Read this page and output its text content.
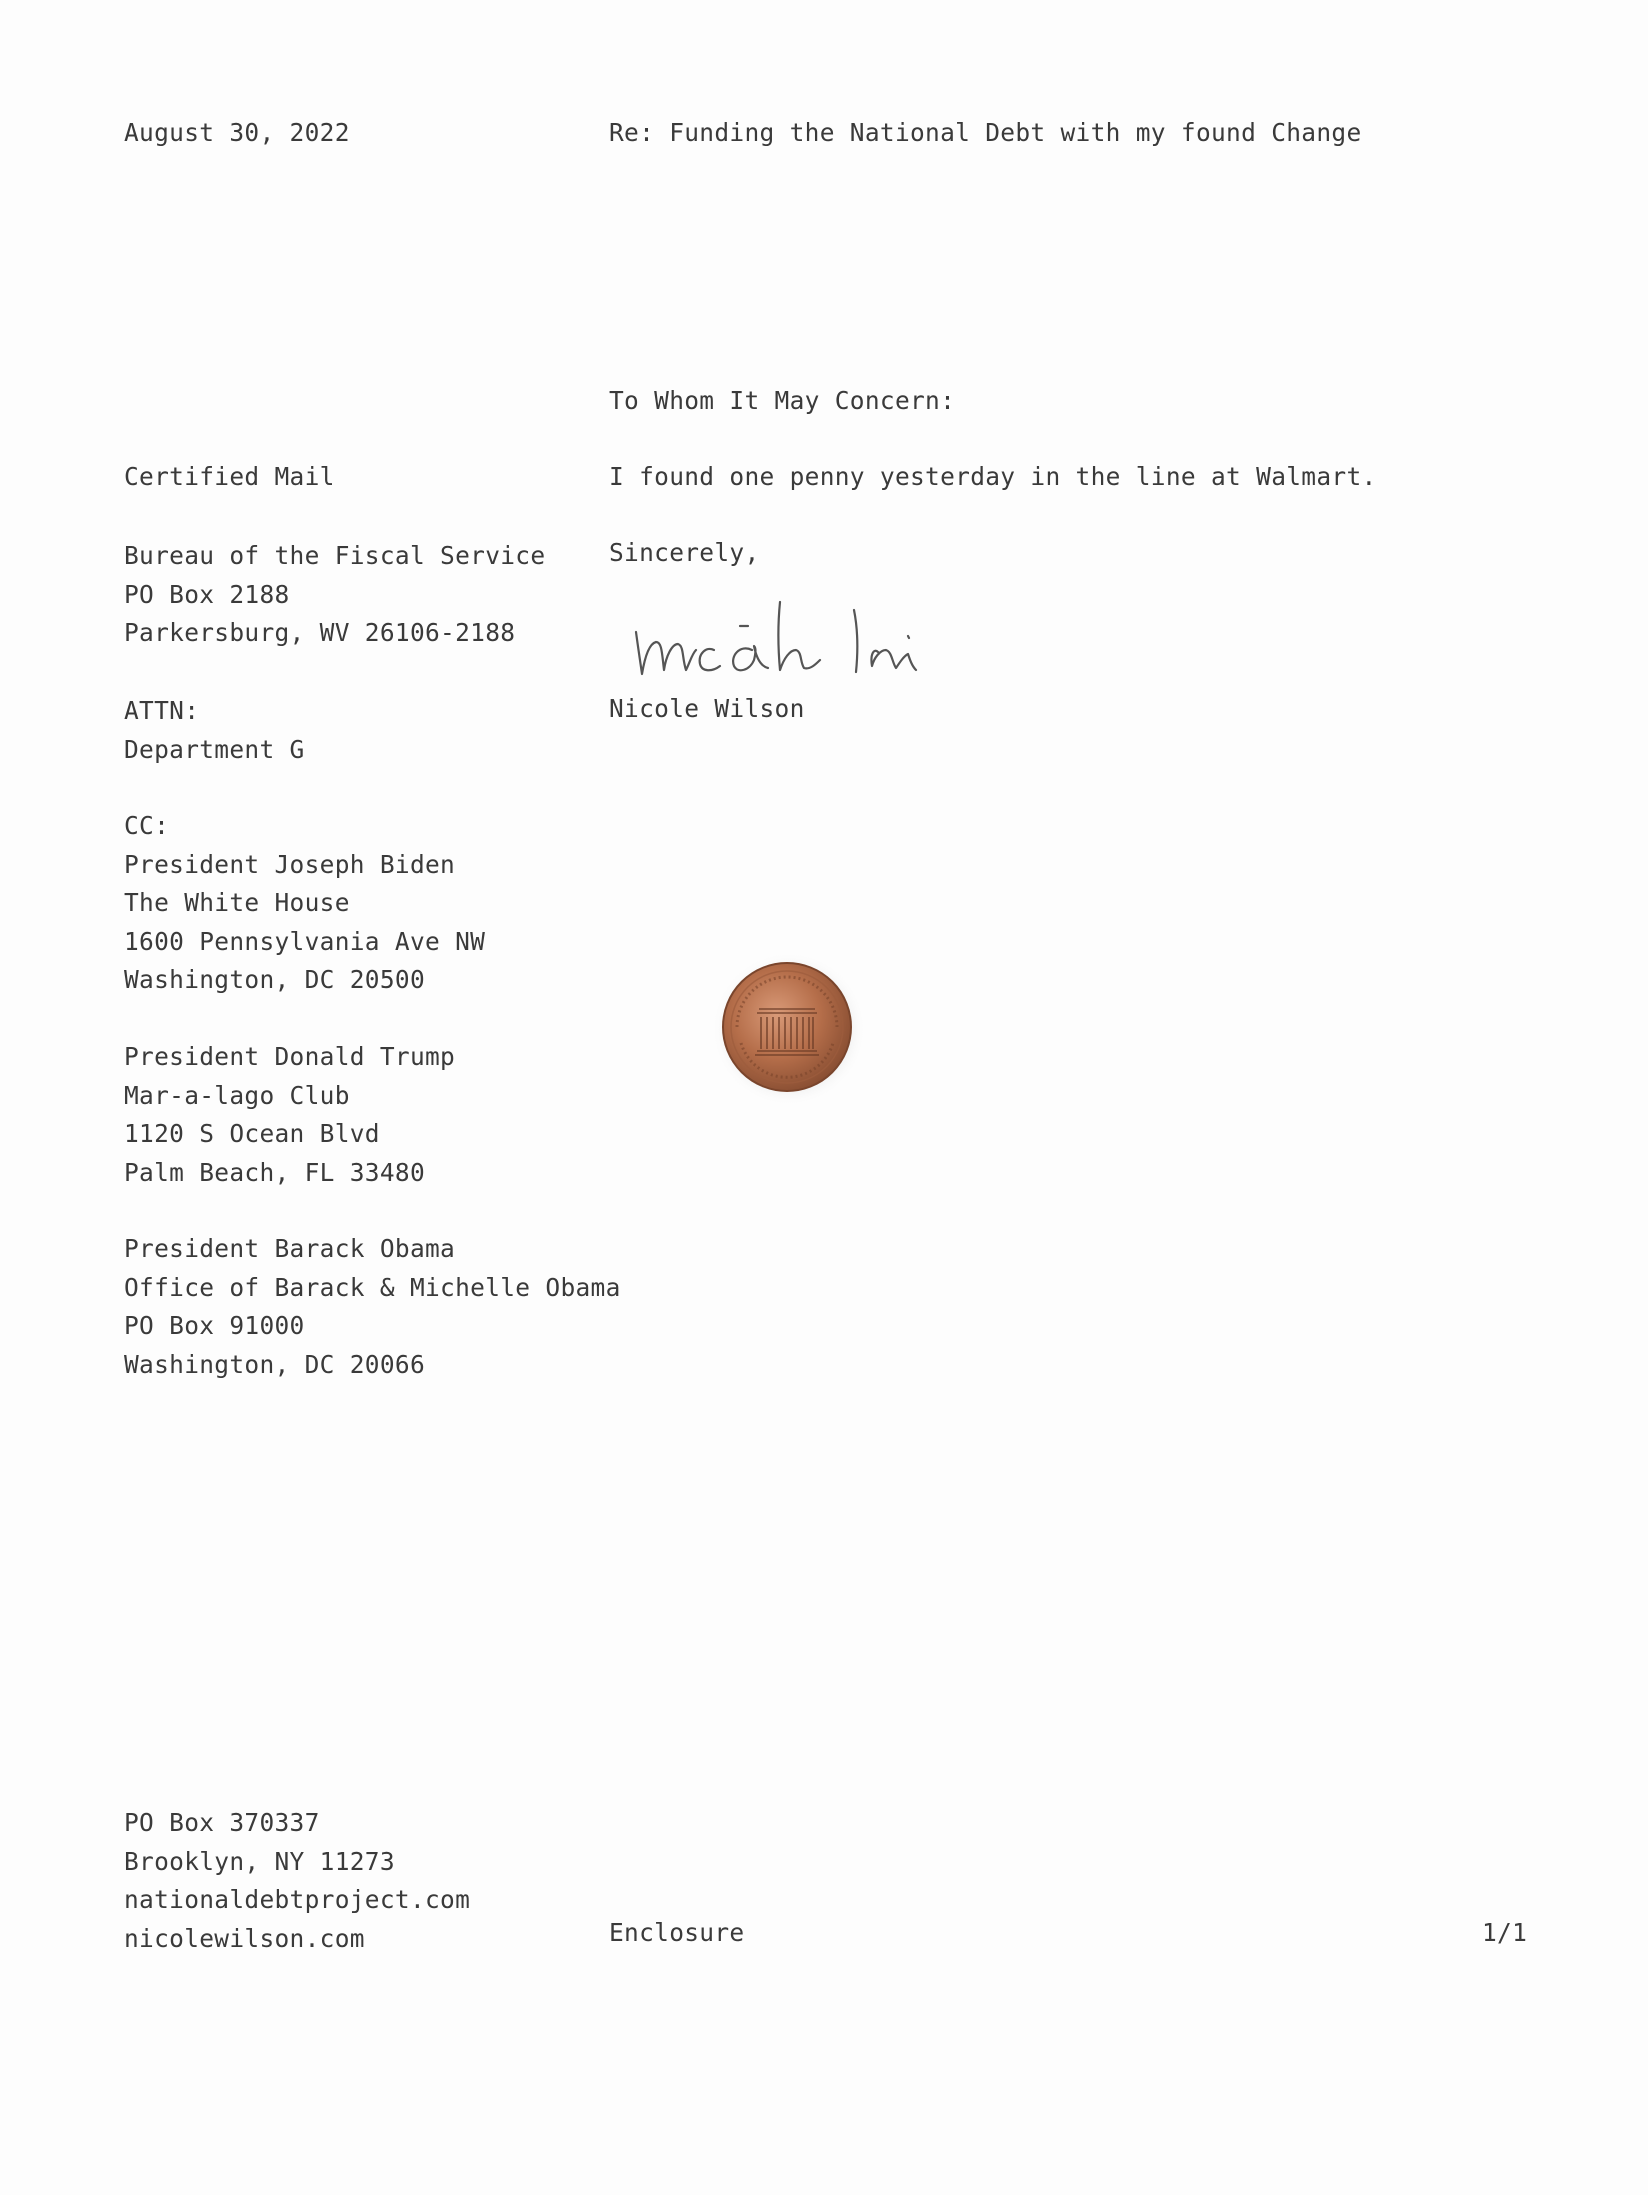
August 30, 2022	Re: Funding the National Debt with my found Change
To Whom It May Concern:
I found one penny yesterday in the line at Walmart.
Sincerely,
Nicole Wilson
Certified Mail
Bureau of the Fiscal Service
PO Box 2188
Parkersburg, WV 26106-2188
ATTN:
Department G
CC:
President Joseph Biden
The White House
1600 Pennsylvania Ave NW
Washington, DC 20500
President Donald Trump
Mar-a-lago Club
1120 S Ocean Blvd
Palm Beach, FL 33480
President Barack Obama
Office of Barack & Michelle Obama
PO Box 91000
Washington, DC 20066
PO Box 370337
Brooklyn, NY 11273
nationaldebtproject.com
nicolewilson.com	Enclosure	1/1
